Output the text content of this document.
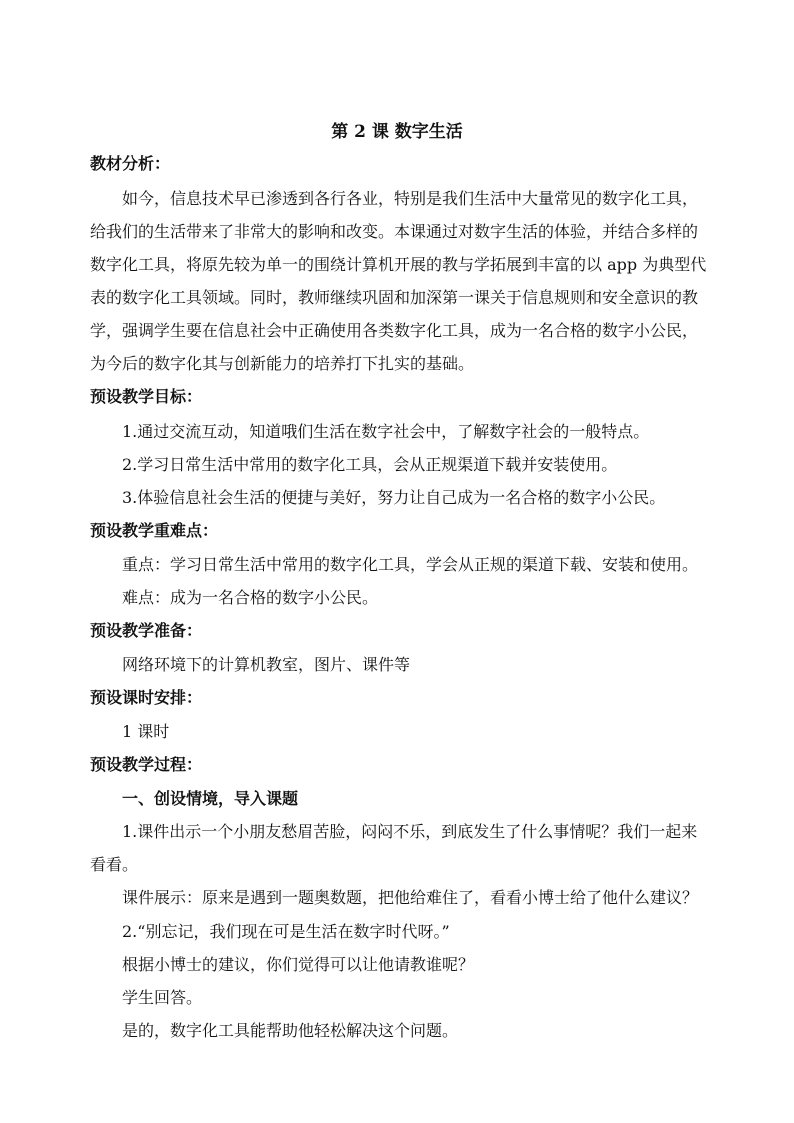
第 2 课 数字生活
教材分析：
如今，信息技术早已渗透到各行各业，特别是我们生活中大量常见的数字化工具，
给我们的生活带来了非常大的影响和改变。本课通过对数字生活的体验，并结合多样的
数字化工具，将原先较为单一的围绕计算机开展的教与学拓展到丰富的以 app 为典型代
表的数字化工具领域。同时，教师继续巩固和加深第一课关于信息规则和安全意识的教
学，强调学生要在信息社会中正确使用各类数字化工具，成为一名合格的数字小公民，
为今后的数字化其与创新能力的培养打下扎实的基础。
预设教学目标：
1.通过交流互动，知道哦们生活在数字社会中，了解数字社会的一般特点。
2.学习日常生活中常用的数字化工具，会从正规渠道下载并安装使用。
3.体验信息社会生活的便捷与美好，努力让自己成为一名合格的数字小公民。
预设教学重难点：
重点：学习日常生活中常用的数字化工具，学会从正规的渠道下载、安装和使用。
难点：成为一名合格的数字小公民。
预设教学准备：
网络环境下的计算机教室，图片、课件等
预设课时安排：
1 课时
预设教学过程：
一、创设情境，导入课题
1.课件出示一个小朋友愁眉苦脸，闷闷不乐，到底发生了什么事情呢？我们一起来
看看。
课件展示：原来是遇到一题奥数题，把他给难住了，看看小博士给了他什么建议？
2.“别忘记，我们现在可是生活在数字时代呀。”
根据小博士的建议，你们觉得可以让他请教谁呢？
学生回答。
是的，数字化工具能帮助他轻松解决这个问题。
